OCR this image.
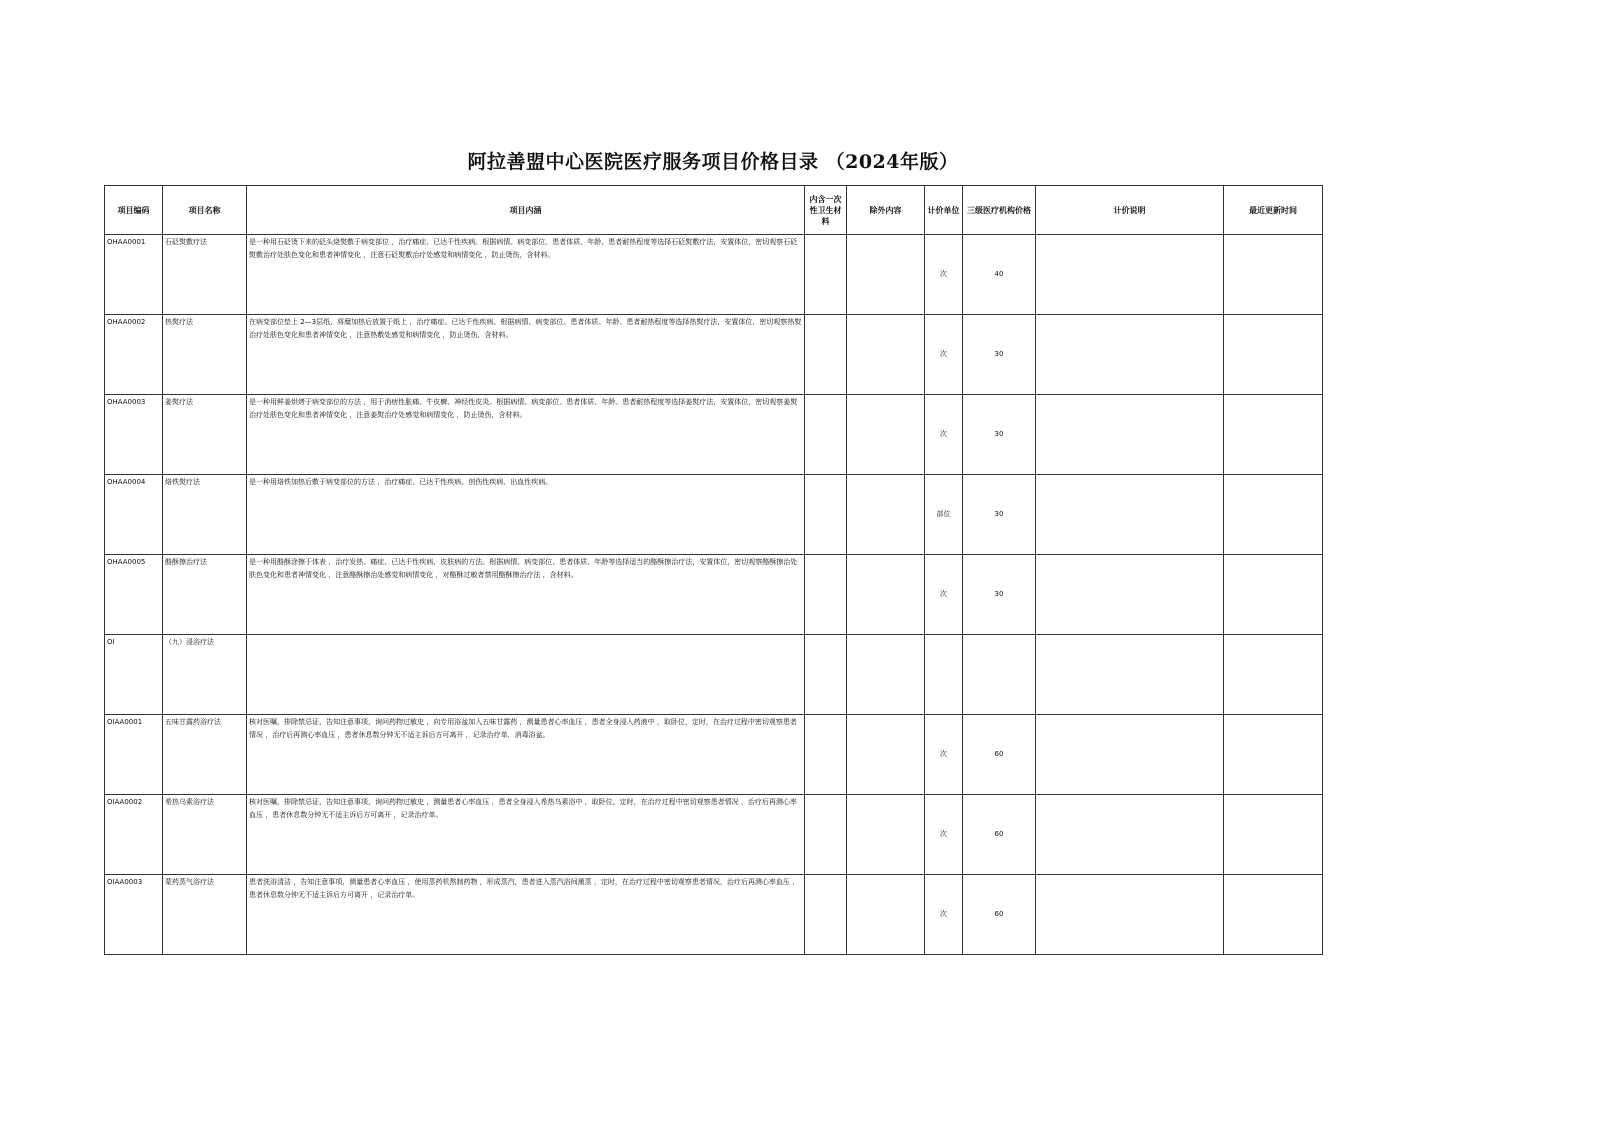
阿拉善盟中心医院医疗服务项目价格目录 （2024年版）
项目编码	项目名称	项目内涵	内含一次性卫生材料	除外内容	计价单位	三级医疗机构价格	计价说明	最近更新时间
OHAA0001	石砭熨敷疗法	是一种用石砭烫下来的砭头烧熨敷于病变部位 ，治疗痛症、已达千性疾病。根据病情、病变部位、患者体质、年龄、患者耐热程度等选择石砭熨敷疗法，安置体位，密切观察石砭熨敷治疗处肤色变化和患者神情变化 ，注意石砭熨敷治疗处感觉和病情变化 ，防止烫伤，含材料。			次	40		
OHAA0002	热熨疗法	在病变部位垫上 2—3层纸，将糜加热后放置于纸上 ，治疗痛症、已达千性疾病。根据病情、病变部位、患者体质、年龄、患者耐热程度等选择热熨疗法，安置体位，密切观察热熨治疗处肤色变化和患者神情变化 ，注意热敷处感觉和病情变化 ，防止烫伤，含材料。			次	30		
OHAA0003	姜熨疗法	是一种用鲜姜烘烤于病变部位的方法 ，用于消痞性胀痛、牛皮癣、神经性皮炎。根据病情、病变部位、患者体质、年龄、患者耐热程度等选择姜熨疗法，安置体位，密切观察姜熨治疗处肤色变化和患者神情变化 ，注意姜熨治疗处感觉和病情变化 ，防止烫伤，含材料。			次	30		
OHAA0004	烙铁熨疗法	是一种用烙铁加热后敷于病变部位的方法 ，治疗痛症、已达千性疾病、创伤性疾病、出血性疾病。			部位	30		
OHAA0005	酪酥擦治疗法	是一种用酪酥涂擦于体表 ，治疗发热、痛症、已达千性疾病、皮肤病的方法。根据病情、病变部位、患者体质、年龄等选择适当的酪酥擦治疗法，安置体位，密切观察酪酥擦治处肤色变化和患者神情变化 ，注意酪酥擦治处感觉和病情变化 ，对酪酥过敏者禁用酪酥擦治疗法 ，含材料。			次	30		
OI	（九）浸浴疗法							
OIAA0001	五味甘露药浴疗法	核对医嘱，排除禁忌证，告知注意事项，询问药物过敏史 ，向专用浴盆加入五味甘露药 ，测量患者心率血压 ，患者全身浸入药液中 ，取卧位，定时，在治疗过程中密切观察患者情况 ，治疗后再测心率血压 ，患者休息数分钟无不适主诉后方可离开 ，记录治疗单，消毒浴盆。			次	60		
OIAA0002	希热乌素浴疗法	核对医嘱，排除禁忌证，告知注意事项，询问药物过敏史 ，测量患者心率血压 ，患者全身浸入希热乌素浴中 ，取卧位，定时，在治疗过程中密切观察患者情况 ，治疗后再测心率血压 ，患者休息数分钟无不适主诉后方可离开 ，记录治疗单。			次	60		
OIAA0003	蒙药蒸气浴疗法	患者洗浴清洁 ，告知注意事项，测量患者心率血压 ，使用蒸药机熬制药物 ，形成蒸汽，患者进入蒸汽浴间熏蒸 ，定时，在治疗过程中密切观察患者情况，治疗后再测心率血压 ，患者休息数分钟无不适主诉后方可离开 ，记录治疗单。			次	60		
